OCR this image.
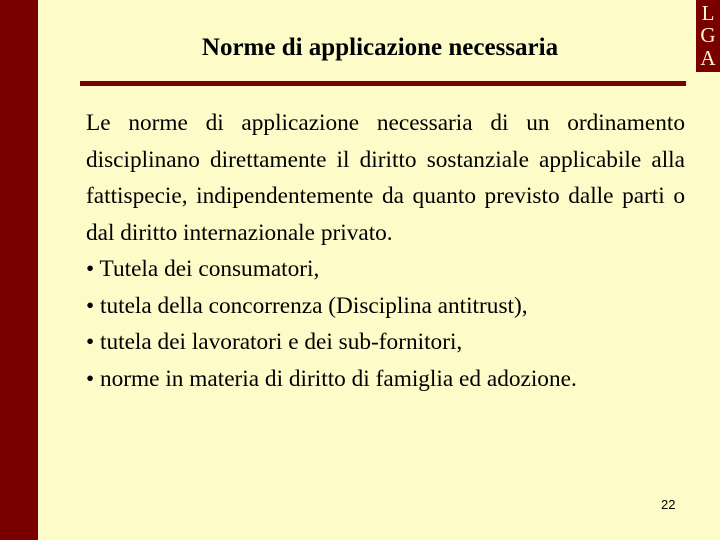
L
G
A
Norme di applicazione necessaria

Le norme di applicazione necessaria di un ordinamento disciplinano direttamente il diritto sostanziale applicabile alla fattispecie, indipendentemente da quanto previsto dalle parti o dal diritto internazionale privato.

• Tutela dei consumatori,

• tutela della concorrenza (Disciplina antitrust),

• tutela dei lavoratori e dei sub-fornitori,

• norme in materia di diritto di famiglia ed adozione.

22
